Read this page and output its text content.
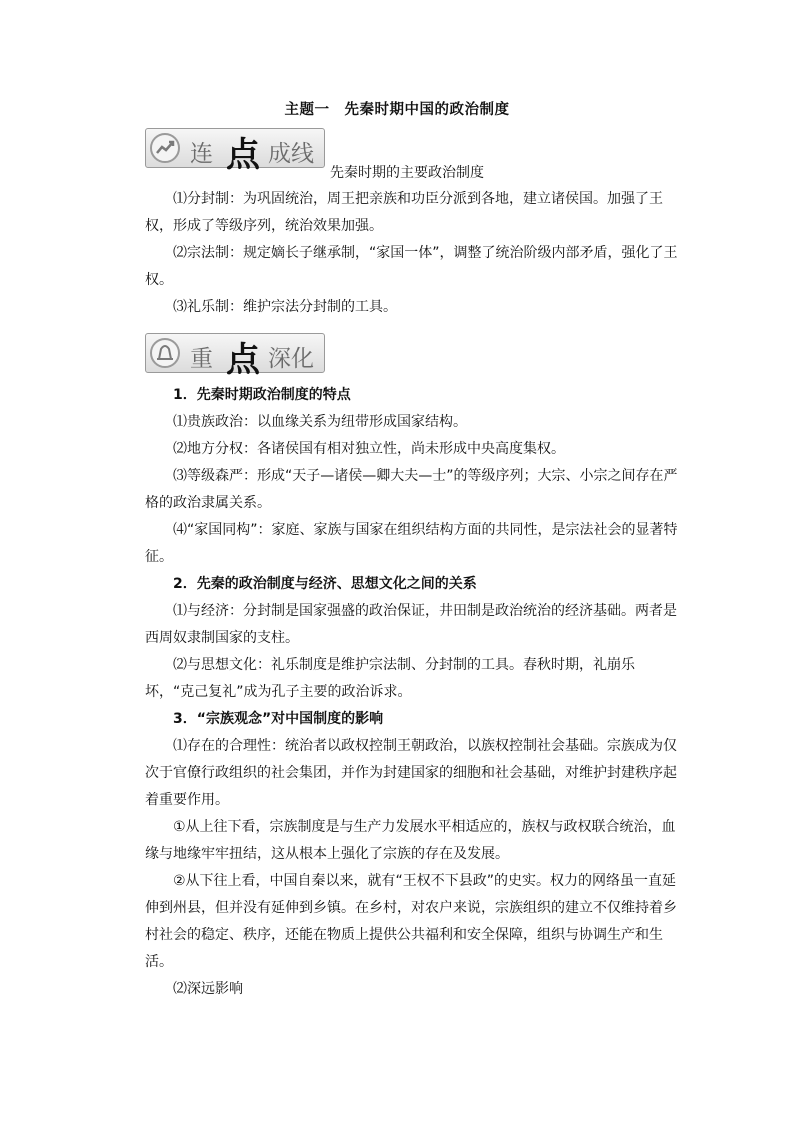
主题一　先秦时期中国的政治制度
连 点 成线
先秦时期的主要政治制度
⑴分封制：为巩固统治，周王把亲族和功臣分派到各地，建立诸侯国。加强了王权，形成了等级序列，统治效果加强。
⑵宗法制：规定嫡长子继承制，“家国一体”，调整了统治阶级内部矛盾，强化了王权。
⑶礼乐制：维护宗法分封制的工具。
重 点 深化
1．先秦时期政治制度的特点
⑴贵族政治：以血缘关系为纽带形成国家结构。
⑵地方分权：各诸侯国有相对独立性，尚未形成中央高度集权。
⑶等级森严：形成“天子—诸侯—卿大夫—士”的等级序列；大宗、小宗之间存在严格的政治隶属关系。
⑷“家国同构”：家庭、家族与国家在组织结构方面的共同性，是宗法社会的显著特征。
2．先秦的政治制度与经济、思想文化之间的关系
⑴与经济：分封制是国家强盛的政治保证，井田制是政治统治的经济基础。两者是西周奴隶制国家的支柱。
⑵与思想文化：礼乐制度是维护宗法制、分封制的工具。春秋时期，礼崩乐坏，“克己复礼”成为孔子主要的政治诉求。
3．“宗族观念”对中国制度的影响
⑴存在的合理性：统治者以政权控制王朝政治，以族权控制社会基础。宗族成为仅次于官僚行政组织的社会集团，并作为封建国家的细胞和社会基础，对维护封建秩序起着重要作用。
①从上往下看，宗族制度是与生产力发展水平相适应的，族权与政权联合统治，血缘与地缘牢牢扭结，这从根本上强化了宗族的存在及发展。
②从下往上看，中国自秦以来，就有“王权不下县政”的史实。权力的网络虽一直延伸到州县，但并没有延伸到乡镇。在乡村，对农户来说，宗族组织的建立不仅维持着乡村社会的稳定、秩序，还能在物质上提供公共福利和安全保障，组织与协调生产和生活。
⑵深远影响
